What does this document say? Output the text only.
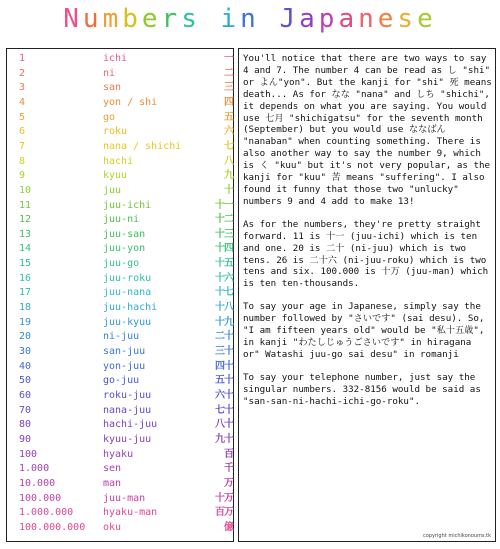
Numbers in Japanese
1	ichi	一
2	ni	二
3	san	三
4	yon / shi	四
5	go	五
6	roku	六
7	nana / shichi	七
8	hachi	八
9	kyuu	九
10	juu	十
11	juu-ichi	十一
12	juu-ni	十二
13	juu-san	十三
14	juu-yon	十四
15	juu-go	十五
16	juu-roku	十六
17	juu-nana	十七
18	juu-hachi	十八
19	juu-kyuu	十九
20	ni-juu	二十
30	san-juu	三十
40	yon-juu	四十
50	go-juu	五十
60	roku-juu	六十
70	nana-juu	七十
80	hachi-juu	八十
90	kyuu-juu	九十
100	hyaku	百
1.000	sen	千
10.000	man	万
100.000	juu-man	十万
1.000.000	hyaku-man	百万
100.000.000 oku	億

You'll notice that there are two ways to say 4 and 7. The number 4 can be read as し "shi" or よん"yon". But the kanji for "shi" 死 means death... As for なな "nana" and しち "shichi", it depends on what you are saying. You would use 七月 "shichigatsu" for the seventh month (September) but you would use ななばん "nanaban" when counting something. There is also another way to say the number 9, which is く "kuu" but it's not very popular, as the kanji for "kuu" 苦 means "suffering". I also found it funny that those two "unlucky" numbers 9 and 4 add to make 13!

As for the numbers, they're pretty straight forward. 11 is 十一 (juu-ichi) which is ten and one. 20 is 二十 (ni-juu) which is two tens. 26 is 二十六 (ni-juu-roku) which is two tens and six. 100.000 is 十万 (juu-man) which is ten ten-thousands.

To say your age in Japanese, simply say the number followed by "さいです" (sai desu). So, "I am fifteen years old" would be "私十五歳", in kanji "わたしじゅうごさいです" in hiragana or" Watashi juu-go sai desu" in romanji

To say your telephone number, just say the singular numbers. 332-8156 would be said as "san-san-ni-hachi-ichi-go-roku".

copyright michikonoums.tk
